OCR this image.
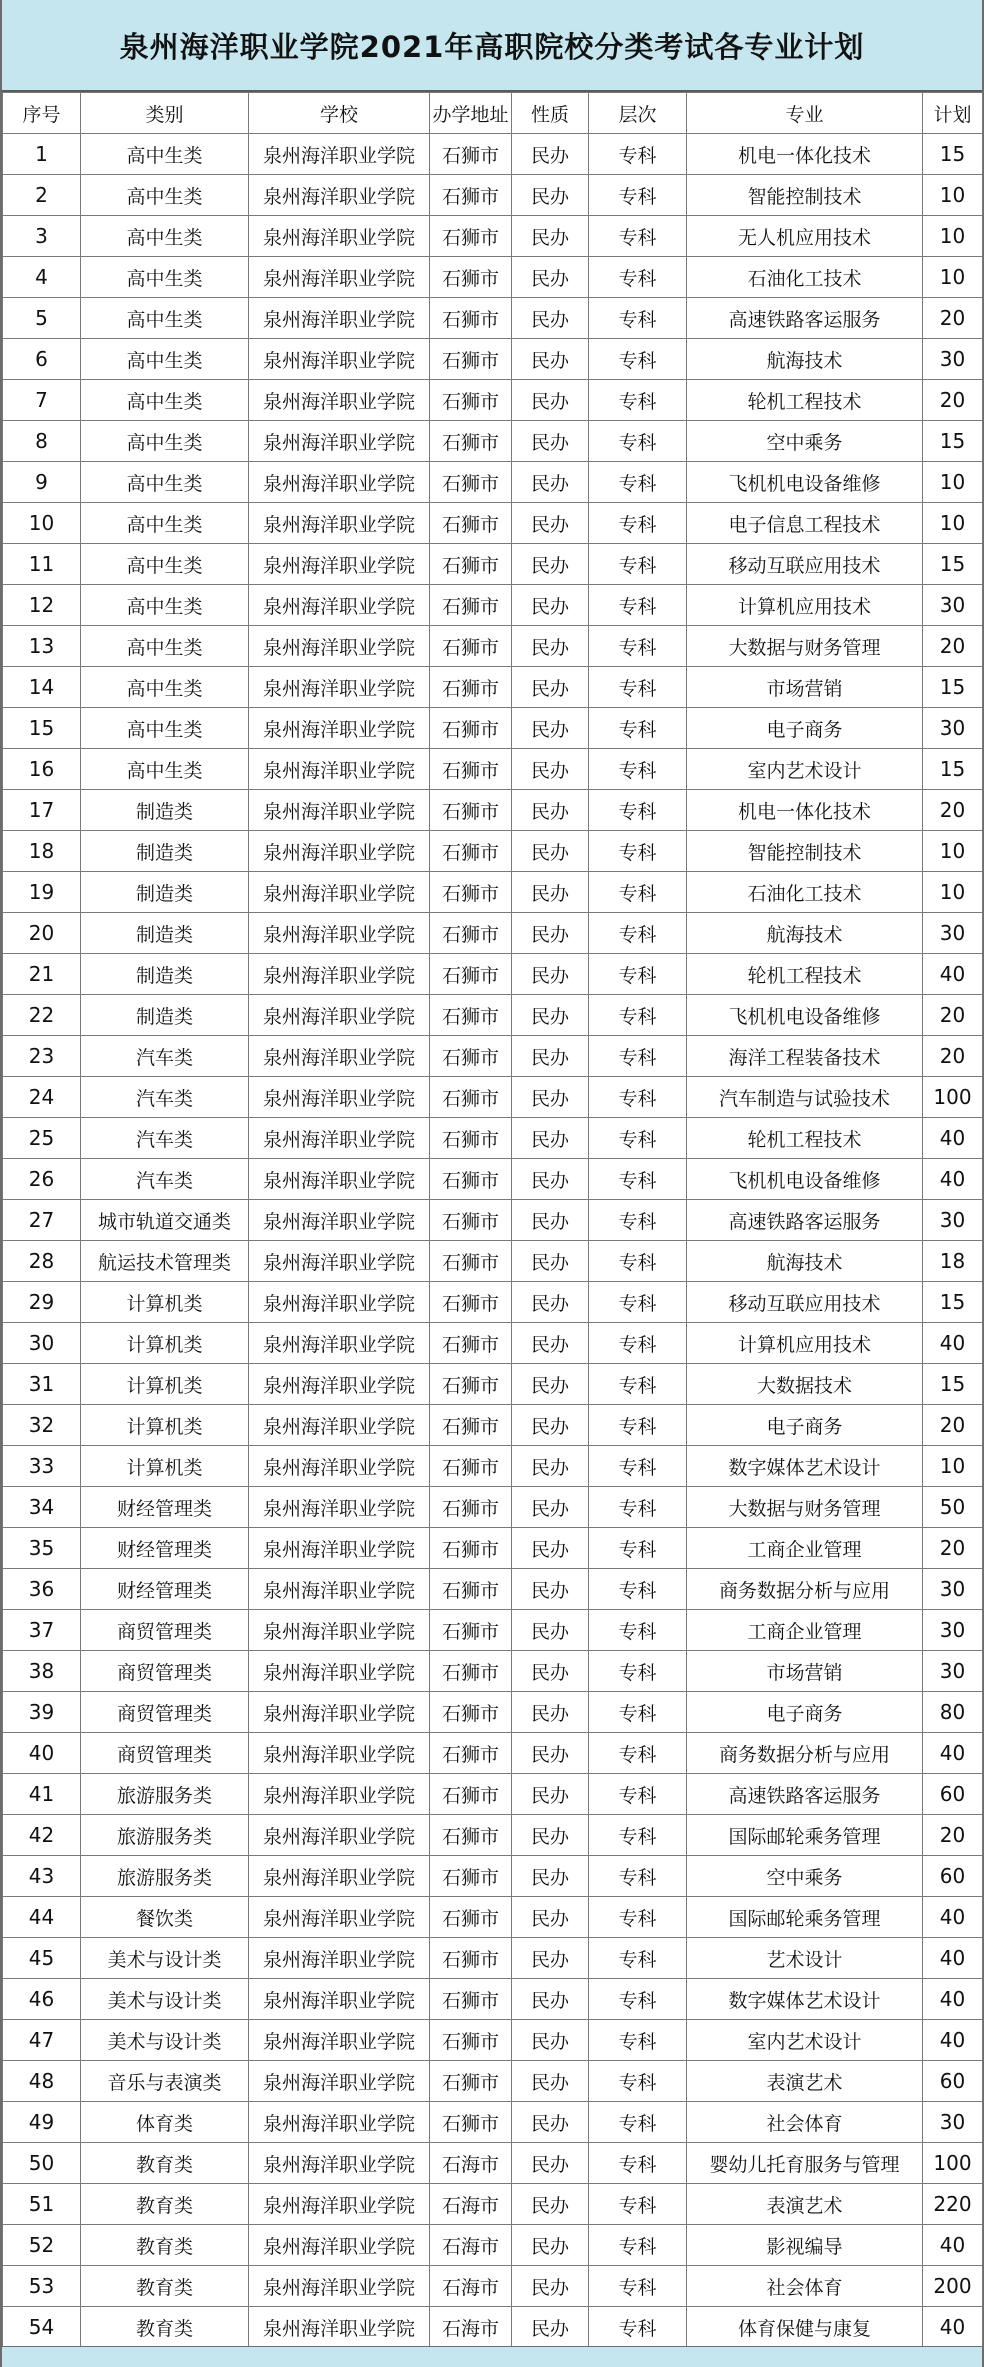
泉州海洋职业学院2021年高职院校分类考试各专业计划
序号	类别	学校	办学地址	性质	层次	专业	计划
1	高中生类	泉州海洋职业学院	石狮市	民办	专科	机电一体化技术	15
2	高中生类	泉州海洋职业学院	石狮市	民办	专科	智能控制技术	10
3	高中生类	泉州海洋职业学院	石狮市	民办	专科	无人机应用技术	10
4	高中生类	泉州海洋职业学院	石狮市	民办	专科	石油化工技术	10
5	高中生类	泉州海洋职业学院	石狮市	民办	专科	高速铁路客运服务	20
6	高中生类	泉州海洋职业学院	石狮市	民办	专科	航海技术	30
7	高中生类	泉州海洋职业学院	石狮市	民办	专科	轮机工程技术	20
8	高中生类	泉州海洋职业学院	石狮市	民办	专科	空中乘务	15
9	高中生类	泉州海洋职业学院	石狮市	民办	专科	飞机机电设备维修	10
10	高中生类	泉州海洋职业学院	石狮市	民办	专科	电子信息工程技术	10
11	高中生类	泉州海洋职业学院	石狮市	民办	专科	移动互联应用技术	15
12	高中生类	泉州海洋职业学院	石狮市	民办	专科	计算机应用技术	30
13	高中生类	泉州海洋职业学院	石狮市	民办	专科	大数据与财务管理	20
14	高中生类	泉州海洋职业学院	石狮市	民办	专科	市场营销	15
15	高中生类	泉州海洋职业学院	石狮市	民办	专科	电子商务	30
16	高中生类	泉州海洋职业学院	石狮市	民办	专科	室内艺术设计	15
17	制造类	泉州海洋职业学院	石狮市	民办	专科	机电一体化技术	20
18	制造类	泉州海洋职业学院	石狮市	民办	专科	智能控制技术	10
19	制造类	泉州海洋职业学院	石狮市	民办	专科	石油化工技术	10
20	制造类	泉州海洋职业学院	石狮市	民办	专科	航海技术	30
21	制造类	泉州海洋职业学院	石狮市	民办	专科	轮机工程技术	40
22	制造类	泉州海洋职业学院	石狮市	民办	专科	飞机机电设备维修	20
23	汽车类	泉州海洋职业学院	石狮市	民办	专科	海洋工程装备技术	20
24	汽车类	泉州海洋职业学院	石狮市	民办	专科	汽车制造与试验技术	100
25	汽车类	泉州海洋职业学院	石狮市	民办	专科	轮机工程技术	40
26	汽车类	泉州海洋职业学院	石狮市	民办	专科	飞机机电设备维修	40
27	城市轨道交通类	泉州海洋职业学院	石狮市	民办	专科	高速铁路客运服务	30
28	航运技术管理类	泉州海洋职业学院	石狮市	民办	专科	航海技术	18
29	计算机类	泉州海洋职业学院	石狮市	民办	专科	移动互联应用技术	15
30	计算机类	泉州海洋职业学院	石狮市	民办	专科	计算机应用技术	40
31	计算机类	泉州海洋职业学院	石狮市	民办	专科	大数据技术	15
32	计算机类	泉州海洋职业学院	石狮市	民办	专科	电子商务	20
33	计算机类	泉州海洋职业学院	石狮市	民办	专科	数字媒体艺术设计	10
34	财经管理类	泉州海洋职业学院	石狮市	民办	专科	大数据与财务管理	50
35	财经管理类	泉州海洋职业学院	石狮市	民办	专科	工商企业管理	20
36	财经管理类	泉州海洋职业学院	石狮市	民办	专科	商务数据分析与应用	30
37	商贸管理类	泉州海洋职业学院	石狮市	民办	专科	工商企业管理	30
38	商贸管理类	泉州海洋职业学院	石狮市	民办	专科	市场营销	30
39	商贸管理类	泉州海洋职业学院	石狮市	民办	专科	电子商务	80
40	商贸管理类	泉州海洋职业学院	石狮市	民办	专科	商务数据分析与应用	40
41	旅游服务类	泉州海洋职业学院	石狮市	民办	专科	高速铁路客运服务	60
42	旅游服务类	泉州海洋职业学院	石狮市	民办	专科	国际邮轮乘务管理	20
43	旅游服务类	泉州海洋职业学院	石狮市	民办	专科	空中乘务	60
44	餐饮类	泉州海洋职业学院	石狮市	民办	专科	国际邮轮乘务管理	40
45	美术与设计类	泉州海洋职业学院	石狮市	民办	专科	艺术设计	40
46	美术与设计类	泉州海洋职业学院	石狮市	民办	专科	数字媒体艺术设计	40
47	美术与设计类	泉州海洋职业学院	石狮市	民办	专科	室内艺术设计	40
48	音乐与表演类	泉州海洋职业学院	石狮市	民办	专科	表演艺术	60
49	体育类	泉州海洋职业学院	石狮市	民办	专科	社会体育	30
50	教育类	泉州海洋职业学院	石海市	民办	专科	婴幼儿托育服务与管理	100
51	教育类	泉州海洋职业学院	石海市	民办	专科	表演艺术	220
52	教育类	泉州海洋职业学院	石海市	民办	专科	影视编导	40
53	教育类	泉州海洋职业学院	石海市	民办	专科	社会体育	200
54	教育类	泉州海洋职业学院	石海市	民办	专科	体育保健与康复	40
